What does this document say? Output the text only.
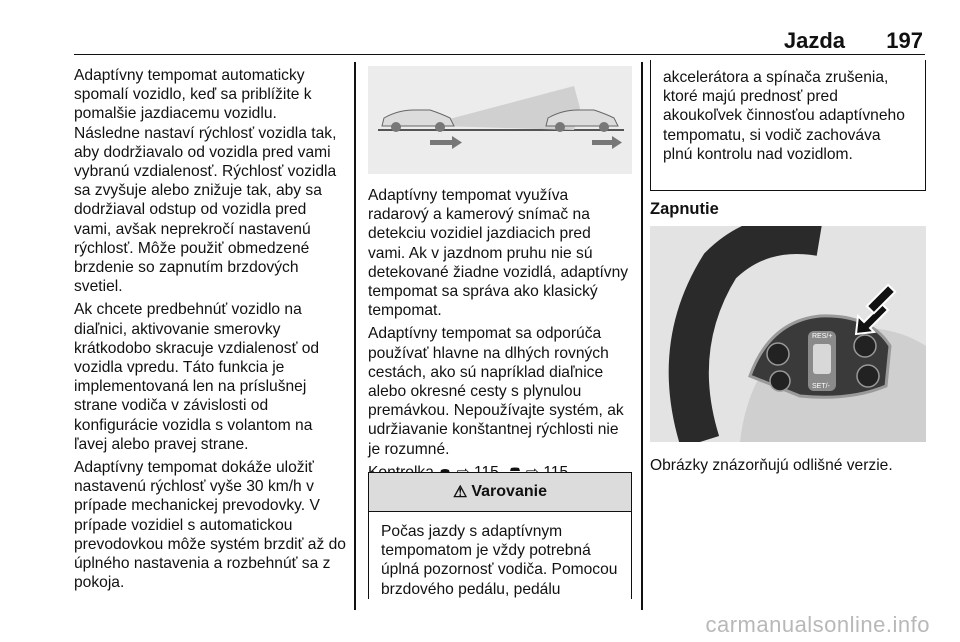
Jazda 197

Adaptívny tempomat automaticky spomalí vozidlo, keď sa priblížite k pomalšie jazdiacemu vozidlu. Následne nastaví rýchlosť vozidla tak, aby dodržiavalo od vozidla pred vami vybranú vzdialenosť. Rýchlosť vozidla sa zvyšuje alebo znižuje tak, aby sa dodržiaval odstup od vozidla pred vami, avšak neprekročí nastavenú rýchlosť. Môže použiť obmedzené brzdenie so zapnutím brzdových svetiel.

Ak chcete predbehnúť vozidlo na diaľnici, aktivovanie smerovky krátkodobo skracuje vzdialenosť od vozidla vpredu. Táto funkcia je implementovaná len na príslušnej strane vodiča v závislosti od konfigurácie vozidla s volantom na ľavej alebo pravej strane.

Adaptívny tempomat dokáže uložiť nastavenú rýchlosť vyše 30 km/h v prípade mechanickej prevodovky. V prípade vozidiel s automatickou prevodovkou môže systém brzdiť až do úplného nastavenia a rozbehnúť sa z pokoja.

Adaptívny tempomat využíva radarový a kamerový snímač na detekciu vozidiel jazdiacich pred vami. Ak v jazdnom pruhu nie sú detekované žiadne vozidlá, adaptívny tempomat sa správa ako klasický tempomat.

Adaptívny tempomat sa odporúča používať hlavne na dlhých rovných cestách, ako sú napríklad diaľnice alebo okresné cesty s plynulou premávkou. Nepoužívajte systém, ak udržiavanie konštantnej rýchlosti nie je rozumné.

⚠ Varovanie
Počas jazdy s adaptívnym tempomatom je vždy potrebná úplná pozornosť vodiča. Pomocou brzdového pedálu, pedálu
akcelerátora a spínača zrušenia, ktoré majú prednosť pred akoukoľvek činnosťou adaptívneho tempomatu, si vodič zachováva plnú kontrolu nad vozidlom.
Zapnutie
RES/+
SET/-
Obrázky znázorňujú odlišné verzie.
carmanualsonline.info
